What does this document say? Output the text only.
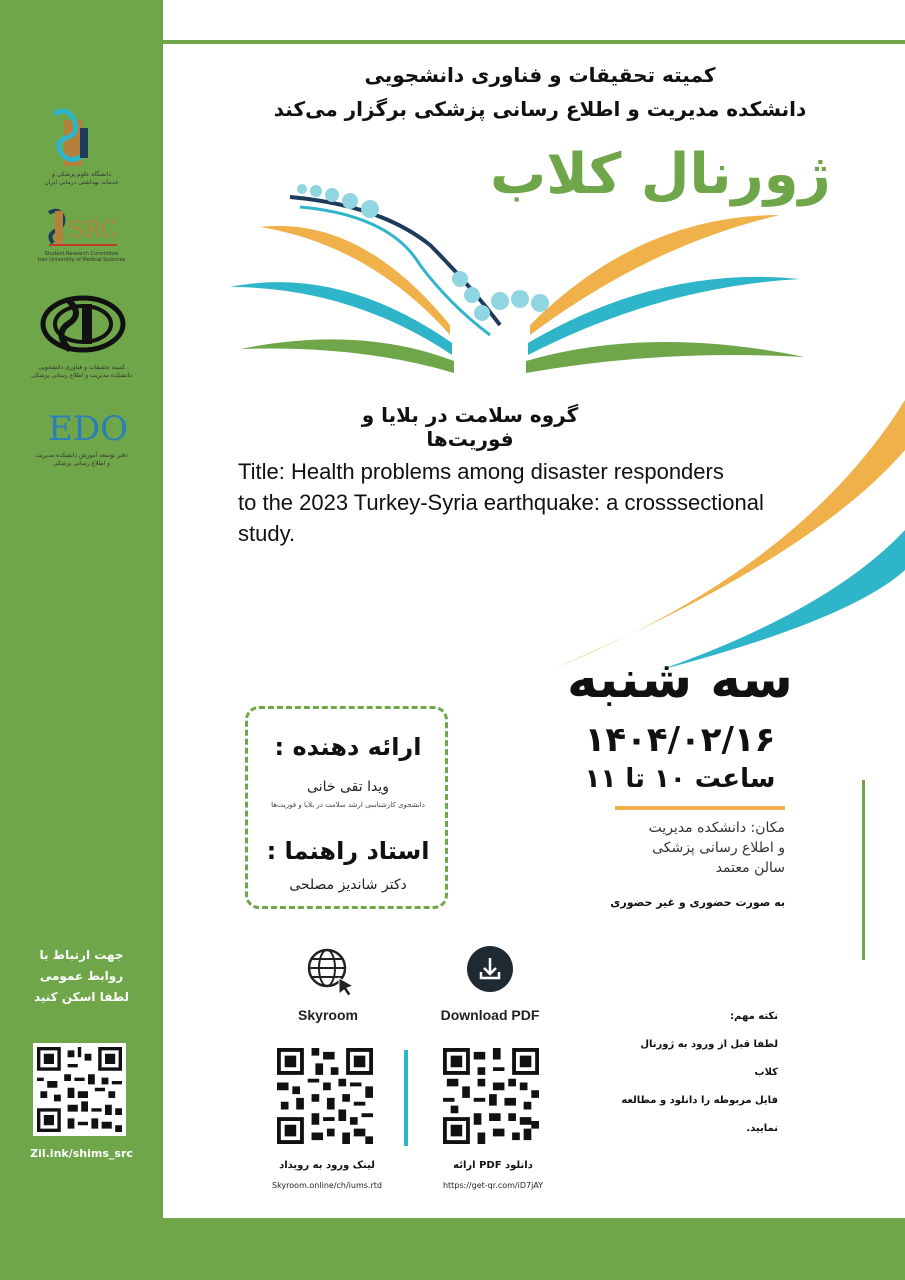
دانشگاه علوم پزشکی و
خدمات بهداشتی درمانی ایران
SRC
Student Research Committee
Iran University of Medical Sciences
کمیته تحقیقات و فناوری دانشجویی
دانشکده مدیریت و اطلاع رسانی پزشکی
EDO
دفتر توسعه آموزش دانشکده مدیریت
و اطلاع رسانی پزشکی
جهت ارتباط با
روابط عمومی
لطفا اسکن کنید
Zil.ink/shims_src
کمیته تحقیقات و فناوری دانشجویی
دانشکده مدیریت و اطلاع رسانی پزشکی برگزار می‌کند
ژورنال کلاب
گروه سلامت در بلایا و فوریت‌ها
Title: Health problems among disaster responders
to the 2023 Turkey-Syria earthquake: a crosssectional
study.
سه شنبه
۱۴۰۴/۰۲/۱۶
ساعت ۱۰ تا ۱۱
مکان: دانشکده مدیریت
و اطلاع رسانی پزشکی
سالن معتمد
به صورت حضوری و غیر حضوری
ارائه دهنده :
ویدا تقی خانی
دانشجوی کارشناسی ارشد سلامت در بلایا و فوریت‌ها
استاد راهنما :
دکتر شاندیز مصلحی
Skyroom	Download PDF
لینک ورود به رویداد
Skyroom.online/ch/iums.rtd
دانلود PDF ارائه
https://get-qr.com/iD7jAY
نکته مهم:
لطفا قبل از ورود به ژورنال کلاب
فایل مربوطه را دانلود و مطالعه
نمایید.
